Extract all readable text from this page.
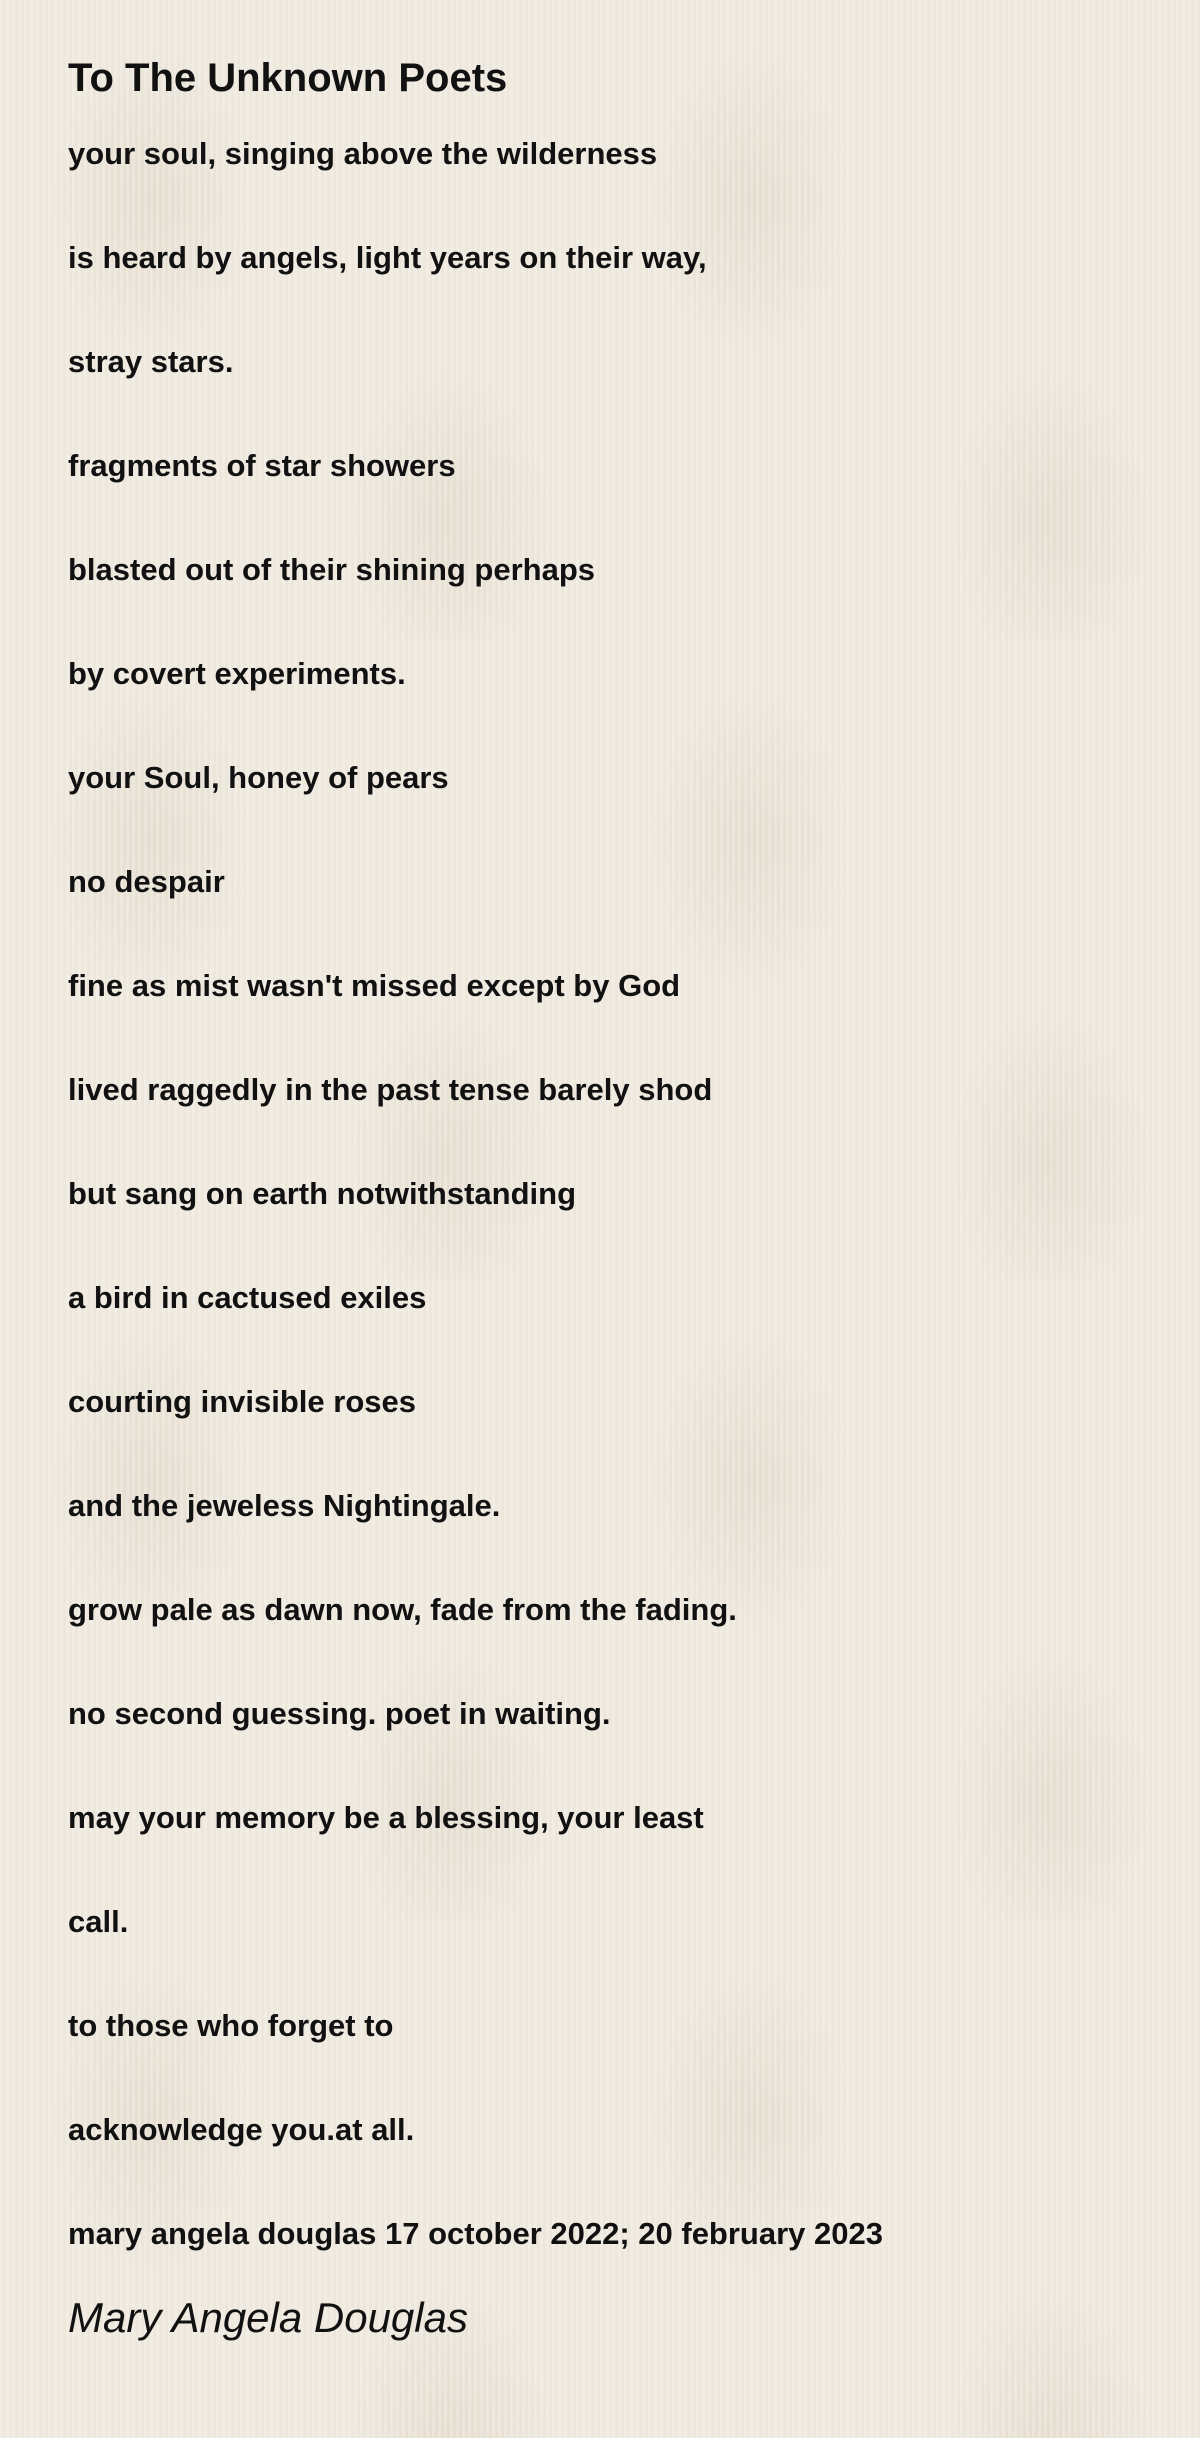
To The Unknown Poets
your soul, singing above the wilderness
is heard by angels, light years on their way,
stray stars.
fragments of star showers
blasted out of their shining perhaps
by covert experiments.
your Soul, honey of pears
no despair
fine as mist wasn't missed except by God
lived raggedly in the past tense barely shod
but sang on earth notwithstanding
a bird in cactused exiles
courting invisible roses
and the jeweless Nightingale.
grow pale as dawn now, fade from the fading.
no second guessing. poet in waiting.
may your memory be a blessing, your least
call.
to those who forget to
acknowledge you.at all.
mary angela douglas 17 october 2022; 20 february 2023
Mary Angela Douglas
